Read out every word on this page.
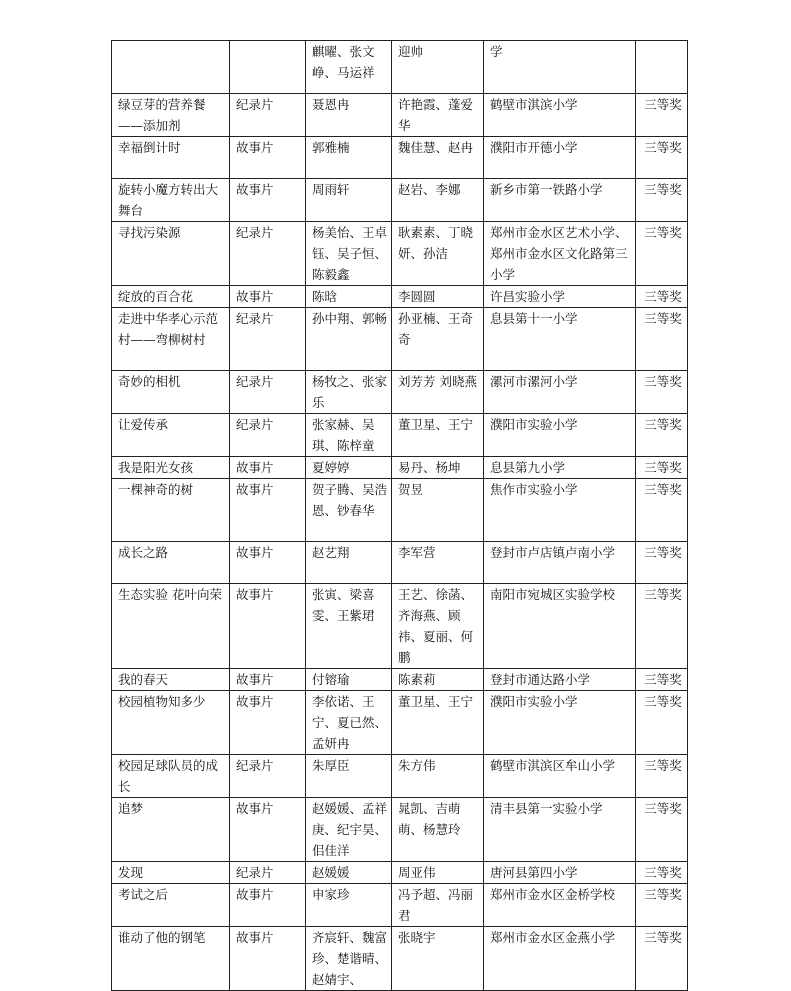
		麒曜、张文峥、马运祥	迎帅	学	
绿豆芽的营养餐——添加剂	纪录片	聂恩冉	许艳霞、蓬爱华	鹤壁市淇滨小学	三等奖
幸福倒计时	故事片	郭雅楠	魏佳慧、赵冉	濮阳市开德小学	三等奖
旋转小魔方转出大舞台	故事片	周雨轩	赵岩、李娜	新乡市第一铁路小学	三等奖
寻找污染源	纪录片	杨美怡、王卓钰、吴子恒、陈毅鑫	耿素素、丁晓妍、孙洁	郑州市金水区艺术小学、郑州市金水区文化路第三小学	三等奖
绽放的百合花	故事片	陈晗	李圆圆	许昌实验小学	三等奖
走进中华孝心示范村——弯柳树村	纪录片	孙中翔、郭畅	孙亚楠、王奇奇	息县第十一小学	三等奖
奇妙的相机	纪录片	杨牧之、张家乐	刘芳芳 刘晓燕	漯河市漯河小学	三等奖
让爱传承	纪录片	张家赫、吴琪、陈梓童	董卫星、王宁	濮阳市实验小学	三等奖
我是阳光女孩	故事片	夏婷婷	易丹、杨坤	息县第九小学	三等奖
一棵神奇的树	故事片	贺子腾、吴浩恩、钞春华	贺昱	焦作市实验小学	三等奖
成长之路	故事片	赵艺翔	李军营	登封市卢店镇卢南小学	三等奖
生态实验 花叶向荣	故事片	张寅、梁喜雯、王紫珺	王艺、徐菡、齐海燕、顾祎、夏丽、何鹏	南阳市宛城区实验学校	三等奖
我的春天	故事片	付镕瑜	陈素莉	登封市通达路小学	三等奖
校园植物知多少	故事片	李依诺、王宁、夏已然、孟妍冉	董卫星、王宁	濮阳市实验小学	三等奖
校园足球队员的成长	纪录片	朱厚臣	朱方伟	鹤壁市淇滨区牟山小学	三等奖
追梦	故事片	赵媛媛、孟祥庚、纪宇昊、佀佳洋	晁凯、吉萌萌、杨慧玲	清丰县第一实验小学	三等奖
发现	纪录片	赵媛媛	周亚伟	唐河县第四小学	三等奖
考试之后	故事片	申家珍	冯予超、冯丽君	郑州市金水区金桥学校	三等奖
谁动了他的钢笔	故事片	齐宸轩、魏富珍、楚谐晴、赵婧宇、	张晓宇	郑州市金水区金燕小学	三等奖
